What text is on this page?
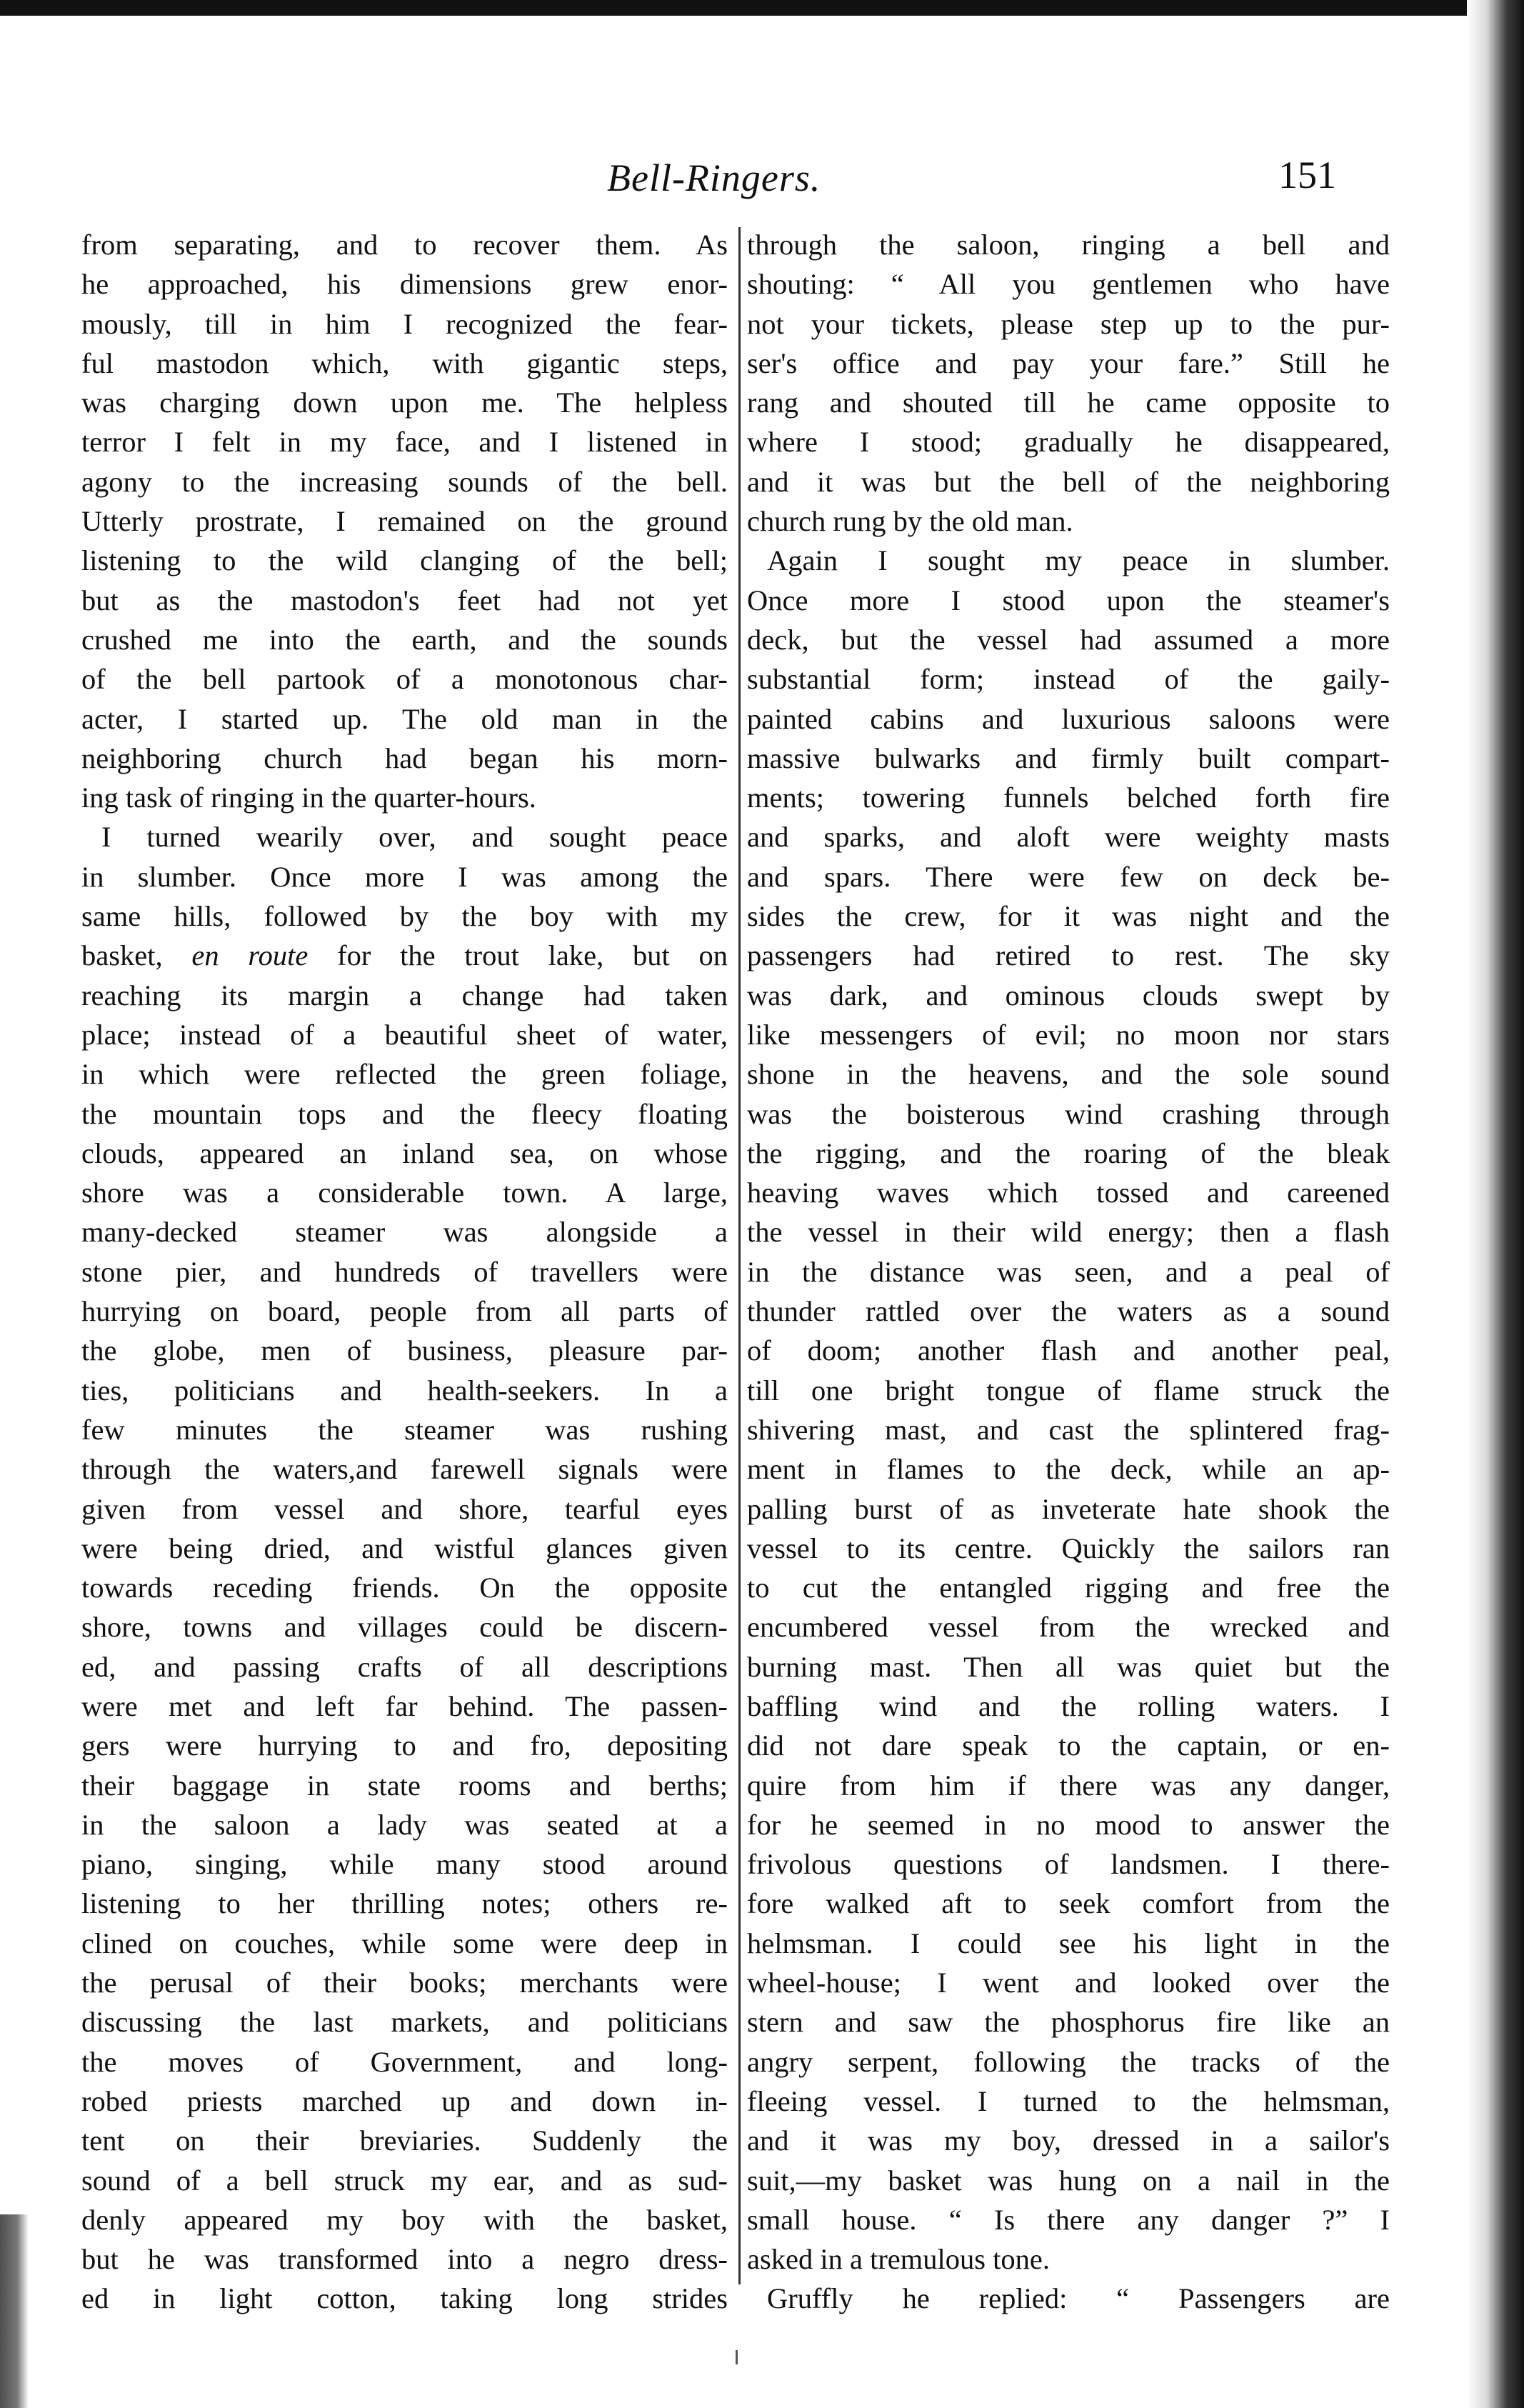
Bell-Ringers.	151

from separating, and to recover them. As

he approached, his dimensions grew enor-

mously, till in him I recognized the fear-

ful mastodon which, with gigantic steps,

was charging down upon me. The helpless

terror I felt in my face, and I listened in

agony to the increasing sounds of the bell.

Utterly prostrate, I remained on the ground

listening to the wild clanging of the bell;

but as the mastodon's feet had not yet

crushed me into the earth, and the sounds

of the bell partook of a monotonous char-

acter, I started up. The old man in the

neighboring church had began his morn-

ing task of ringing in the quarter-hours.

I turned wearily over, and sought peace

in slumber. Once more I was among the

same hills, followed by the boy with my

basket, en route for the trout lake, but on

reaching its margin a change had taken

place; instead of a beautiful sheet of water,

in which were reflected the green foliage,

the mountain tops and the fleecy floating

clouds, appeared an inland sea, on whose

shore was a considerable town. A large,

many-decked steamer was alongside a

stone pier, and hundreds of travellers were

hurrying on board, people from all parts of

the globe, men of business, pleasure par-

ties, politicians and health-seekers. In a

few minutes the steamer was rushing

through the waters,and farewell signals were

given from vessel and shore, tearful eyes

were being dried, and wistful glances given

towards receding friends. On the opposite

shore, towns and villages could be discern-

ed, and passing crafts of all descriptions

were met and left far behind. The passen-

gers were hurrying to and fro, depositing

their baggage in state rooms and berths;

in the saloon a lady was seated at a

piano, singing, while many stood around

listening to her thrilling notes; others re-

clined on couches, while some were deep in

the perusal of their books; merchants were

discussing the last markets, and politicians

the moves of Government, and long-

robed priests marched up and down in-

tent on their breviaries. Suddenly the

sound of a bell struck my ear, and as sud-

denly appeared my boy with the basket,

but he was transformed into a negro dress-

ed in light cotton, taking long strides

through the saloon, ringing a bell and

shouting: “ All you gentlemen who have

not your tickets, please step up to the pur-

ser's office and pay your fare.” Still he

rang and shouted till he came opposite to

where I stood; gradually he disappeared,

and it was but the bell of the neighboring

church rung by the old man.

Again I sought my peace in slumber.

Once more I stood upon the steamer's

deck, but the vessel had assumed a more

substantial form; instead of the gaily-

painted cabins and luxurious saloons were

massive bulwarks and firmly built compart-

ments; towering funnels belched forth fire

and sparks, and aloft were weighty masts

and spars. There were few on deck be-

sides the crew, for it was night and the

passengers had retired to rest. The sky

was dark, and ominous clouds swept by

like messengers of evil; no moon nor stars

shone in the heavens, and the sole sound

was the boisterous wind crashing through

the rigging, and the roaring of the bleak

heaving waves which tossed and careened

the vessel in their wild energy; then a flash

in the distance was seen, and a peal of

thunder rattled over the waters as a sound

of doom; another flash and another peal,

till one bright tongue of flame struck the

shivering mast, and cast the splintered frag-

ment in flames to the deck, while an ap-

palling burst of as inveterate hate shook the

vessel to its centre. Quickly the sailors ran

to cut the entangled rigging and free the

encumbered vessel from the wrecked and

burning mast. Then all was quiet but the

baffling wind and the rolling waters. I

did not dare speak to the captain, or en-

quire from him if there was any danger,

for he seemed in no mood to answer the

frivolous questions of landsmen. I there-

fore walked aft to seek comfort from the

helmsman. I could see his light in the

wheel-house; I went and looked over the

stern and saw the phosphorus fire like an

angry serpent, following the tracks of the

fleeing vessel. I turned to the helmsman,

and it was my boy, dressed in a sailor's

suit,—my basket was hung on a nail in the

small house. “ Is there any danger ?” I

asked in a tremulous tone.

Gruffly he replied: “ Passengers are
